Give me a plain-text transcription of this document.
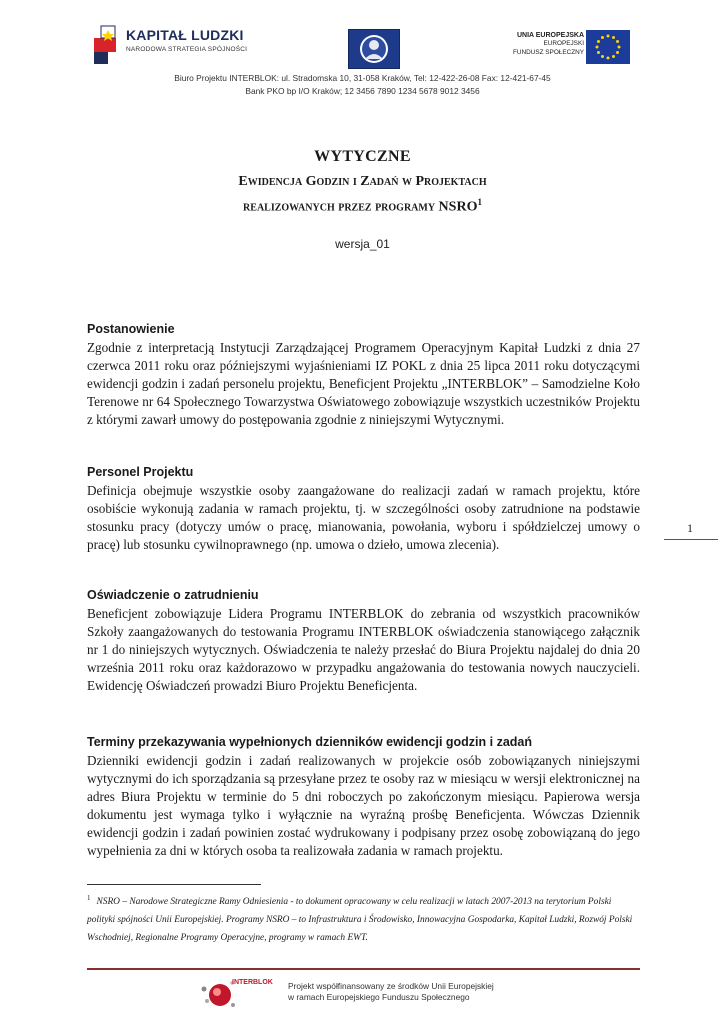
KAPITAŁ LUDZKI
NARODOWA STRATEGIA SPÓJNOŚCI
UNIA EUROPEJSKA
EUROPEJSKI
FUNDUSZ SPOŁECZNY
Biuro Projektu INTERBLOK: ul. Stradomska 10, 31-058 Kraków, Tel: 12-422-26-08 Fax: 12-421-67-45
Bank PKO bp I/O Kraków; 12 3456 7890 1234 5678 9012 3456
WYTYCZNE
Ewidencja Godzin i Zadań w Projektach
realizowanych przez programy NSRO$^1$
wersja_01
Postanowienie

Zgodnie z interpretacją Instytucji Zarządzającej Programem Operacyjnym Kapitał Ludzki z dnia 27 czerwca 2011 roku oraz późniejszymi wyjaśnieniami IZ POKL z dnia 25 lipca 2011 roku dotyczącymi ewidencji godzin i zadań personelu projektu, Beneficjent Projektu „INTERBLOK” – Samodzielne Koło Terenowe nr 64 Społecznego Towarzystwa Oświatowego zobowiązuje wszystkich uczestników Projektu z którymi zawarł umowy do postępowania zgodnie z niniejszymi Wytycznymi.

Personel Projektu

Definicja obejmuje wszystkie osoby zaangażowane do realizacji zadań w ramach projektu, które osobiście wykonują zadania w ramach projektu, tj. w szczególności osoby zatrudnione na podstawie stosunku pracy (dotyczy umów o pracę, mianowania, powołania, wyboru i spółdzielczej umowy o pracę) lub stosunku cywilnoprawnego (np. umowa o dzieło, umowa zlecenia).

Oświadczenie o zatrudnieniu

Beneficjent zobowiązuje Lidera Programu INTERBLOK do zebrania od wszystkich pracowników Szkoły zaangażowanych do testowania Programu INTERBLOK oświadczenia stanowiącego załącznik nr 1 do niniejszych wytycznych. Oświadczenia te należy przesłać do Biura Projektu najdalej do dnia 20 września 2011 roku oraz każdorazowo w przypadku angażowania do testowania nowych nauczycieli. Ewidencję Oświadczeń prowadzi Biuro Projektu Beneficjenta.

Terminy przekazywania wypełnionych dzienników ewidencji godzin i zadań

Dzienniki ewidencji godzin i zadań realizowanych w projekcie osób zobowiązanych niniejszymi wytycznymi do ich sporządzania są przesyłane przez te osoby raz w miesiącu w wersji elektronicznej na adres Biura Projektu w terminie do 5 dni roboczych po zakończonym miesiącu. Papierowa wersja dokumentu jest wymaga tylko i wyłącznie na wyraźną prośbę Beneficjenta. Wówczas Dziennik ewidencji godzin i zadań powinien zostać wydrukowany i podpisany przez osobę zobowiązaną do jego wypełnienia za dni w których osoba ta realizowała zadania w ramach projektu.

1
$^1$ NSRO – Narodowe Strategiczne Ramy Odniesienia - to dokument opracowany w celu realizacji w latach 2007-2013 na terytorium Polski polityki spójności Unii Europejskiej. Programy NSRO – to Infrastruktura i Środowisko, Innowacyjna Gospodarka, Kapitał Ludzki, Rozwój Polski Wschodniej, Regionalne Programy Operacyjne, programy w ramach EWT.
INTERBLOK Projekt współfinansowany ze środków Unii Europejskiej
w ramach Europejskiego Funduszu Społecznego
